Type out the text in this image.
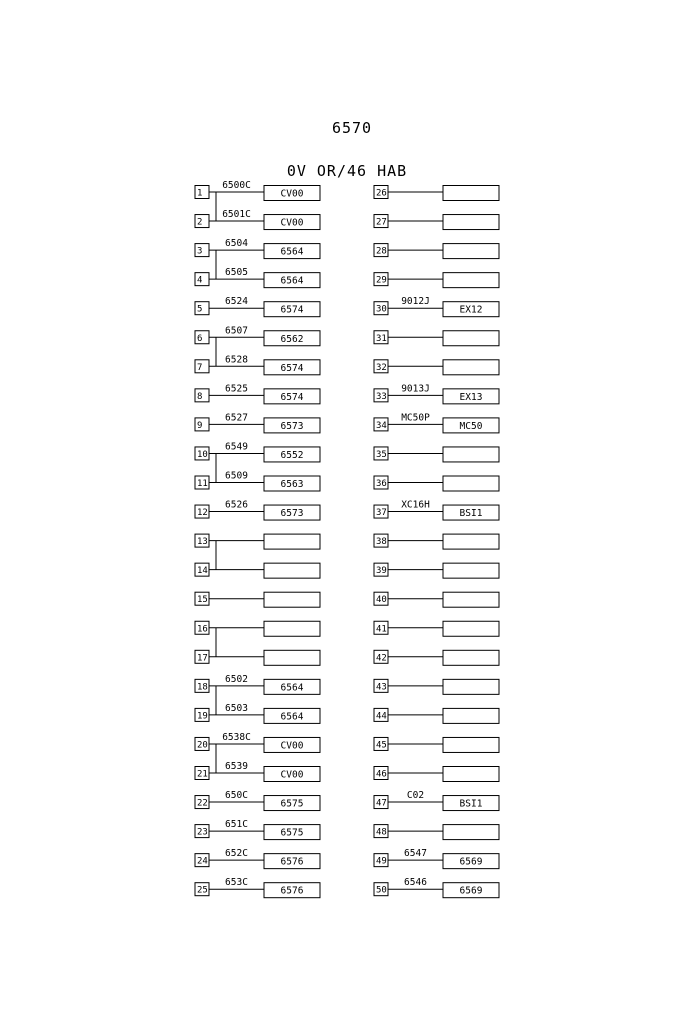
6570
0V OR/46 HAB
1
6500C
CV00
2
6501C
CV00
3
6504
6564
4
6505
6564
5
6524
6574
6
6507
6562
7
6528
6574
8
6525
6574
9
6527
6573
10
6549
6552
11
6509
6563
12
6526
6573
13
14
15
16
17
18
6502
6564
19
6503
6564
20
6538C
CV00
21
6539
CV00
22
650C
6575
23
651C
6575
24
652C
6576
25
653C
6576
26
27
28
29
30
9012J
EX12
31
32
33
9013J
EX13
34
MC50P
MC50
35
36
37
XC16H
BSI1
38
39
40
41
42
43
44
45
46
47
C02
BSI1
48
49
6547
6569
50
6546
6569
